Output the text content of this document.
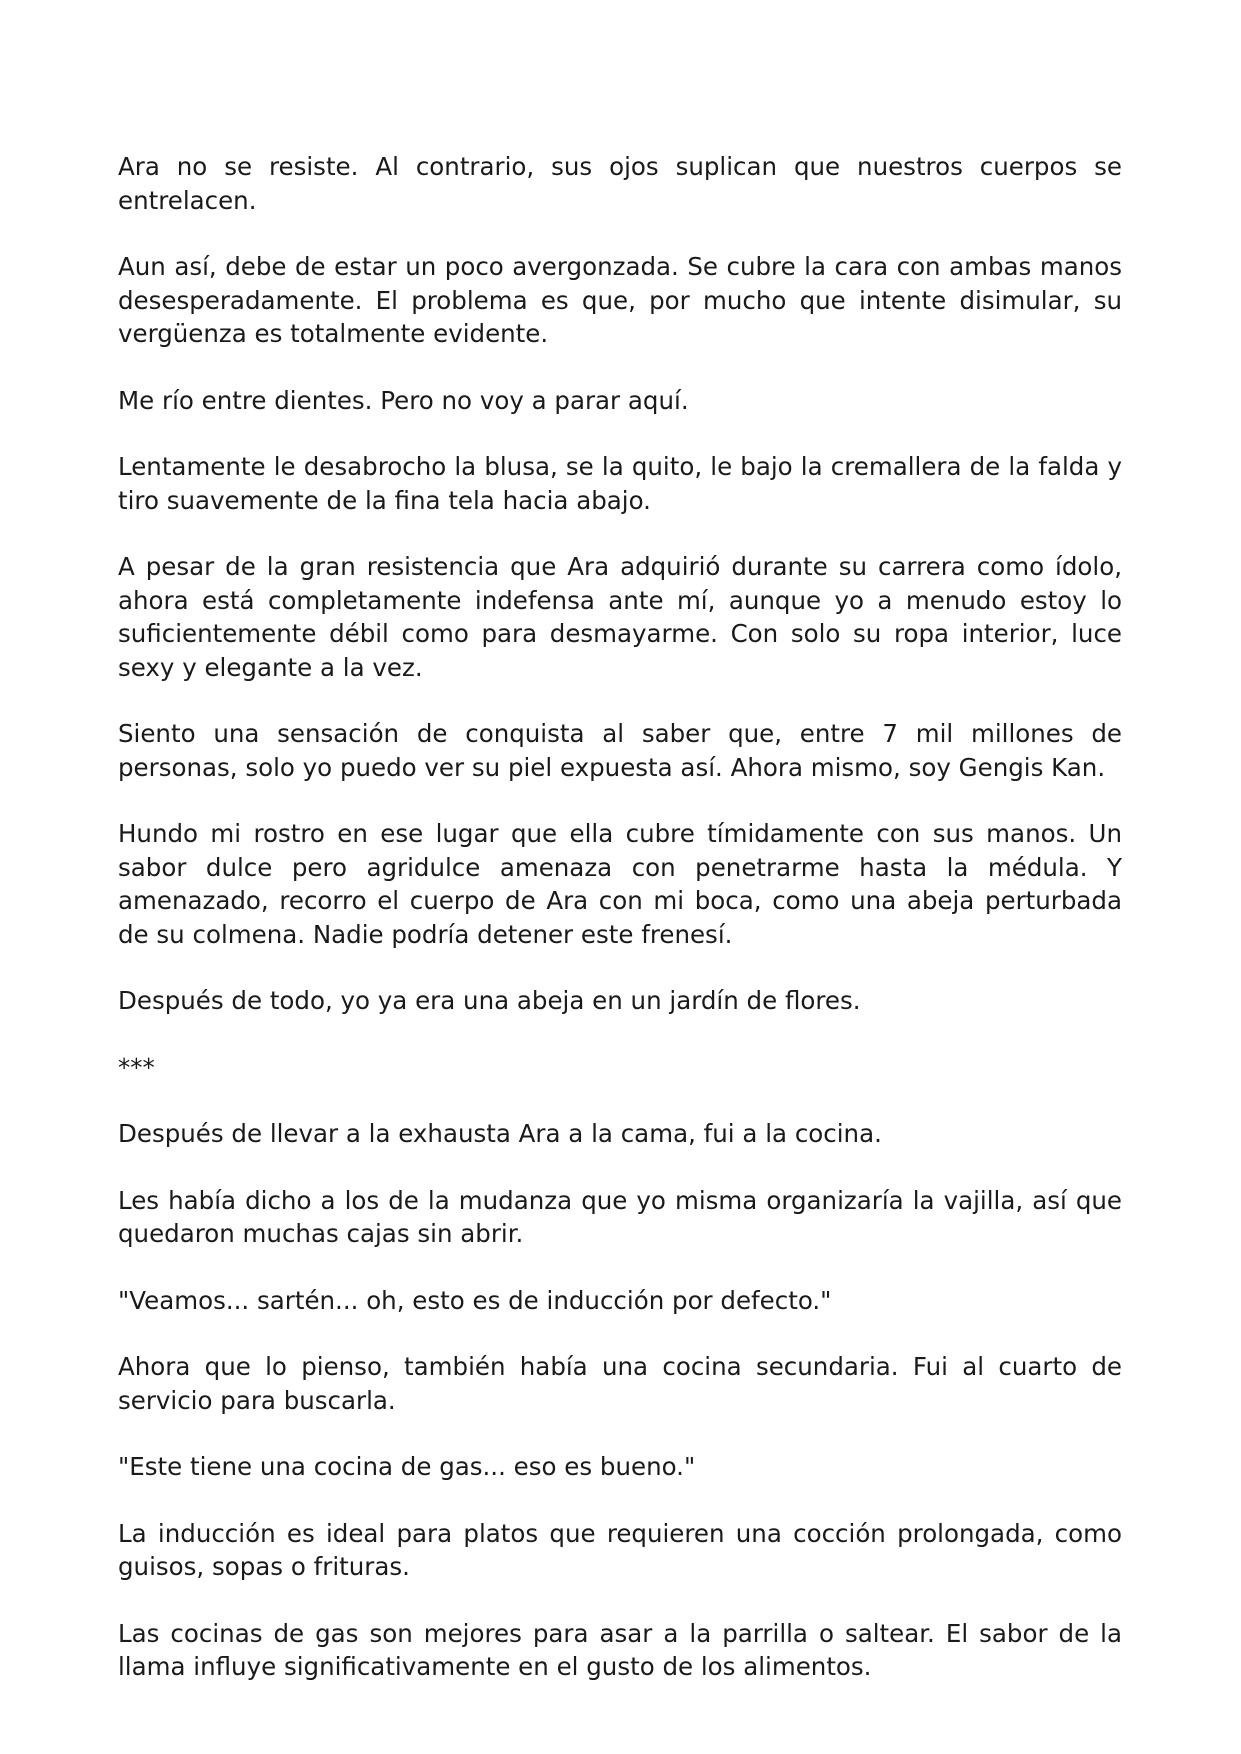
Ara no se resiste. Al contrario, sus ojos suplican que nuestros cuerpos se entrelacen.

Aun así, debe de estar un poco avergonzada. Se cubre la cara con ambas manos desesperadamente. El problema es que, por mucho que intente disimular, su vergüenza es totalmente evidente.

Me río entre dientes. Pero no voy a parar aquí.

Lentamente le desabrocho la blusa, se la quito, le bajo la cremallera de la falda y tiro suavemente de la fina tela hacia abajo.

A pesar de la gran resistencia que Ara adquirió durante su carrera como ídolo, ahora está completamente indefensa ante mí, aunque yo a menudo estoy lo suficientemente débil como para desmayarme. Con solo su ropa interior, luce sexy y elegante a la vez.

Siento una sensación de conquista al saber que, entre 7 mil millones de personas, solo yo puedo ver su piel expuesta así. Ahora mismo, soy Gengis Kan.

Hundo mi rostro en ese lugar que ella cubre tímidamente con sus manos. Un sabor dulce pero agridulce amenaza con penetrarme hasta la médula. Y amenazado, recorro el cuerpo de Ara con mi boca, como una abeja perturbada de su colmena. Nadie podría detener este frenesí.

Después de todo, yo ya era una abeja en un jardín de flores.

***

Después de llevar a la exhausta Ara a la cama, fui a la cocina.

Les había dicho a los de la mudanza que yo misma organizaría la vajilla, así que quedaron muchas cajas sin abrir.

"Veamos... sartén... oh, esto es de inducción por defecto."

Ahora que lo pienso, también había una cocina secundaria. Fui al cuarto de servicio para buscarla.

"Este tiene una cocina de gas... eso es bueno."

La inducción es ideal para platos que requieren una cocción prolongada, como guisos, sopas o frituras.

Las cocinas de gas son mejores para asar a la parrilla o saltear. El sabor de la llama influye significativamente en el gusto de los alimentos.
